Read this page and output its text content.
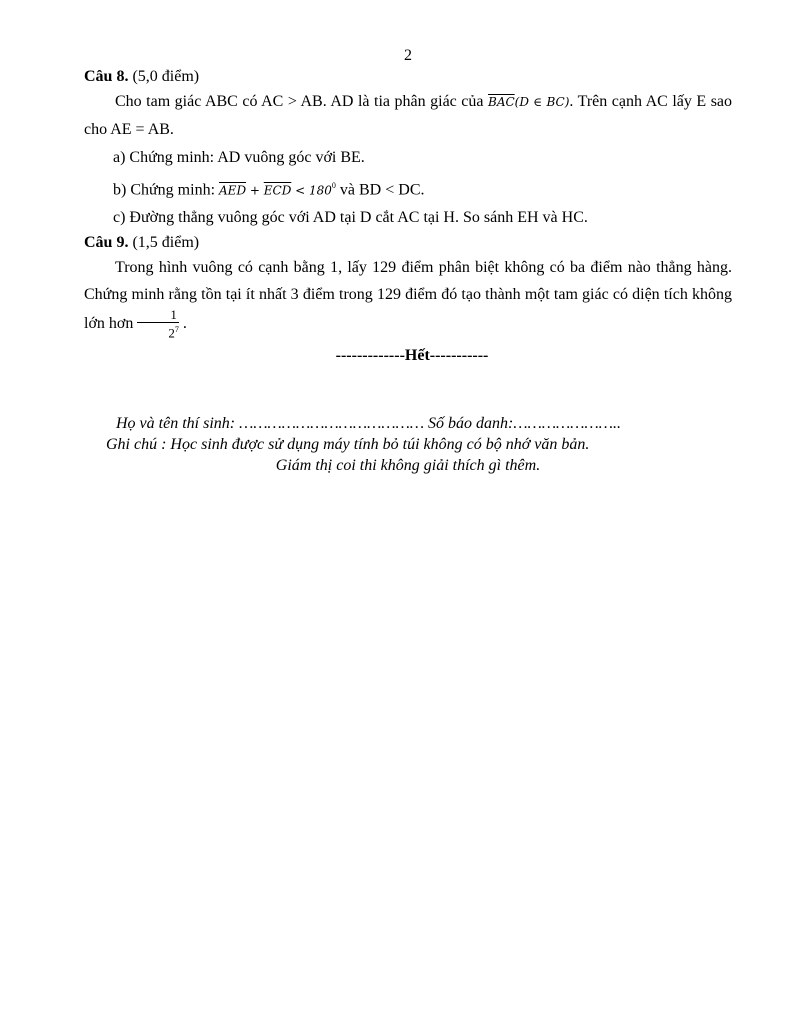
2

Câu 8. (5,0 điểm)

Cho tam giác ABC có AC > AB. AD là tia phân giác của $\overline{BAC}(D$ ∈ BC). Trên cạnh AC lấy E sao cho AE = AB.

a) Chứng minh: AD vuông góc với BE.

b) Chứng minh: $\overline{AED} + \overline{ECD} < 180^0$ và BD < DC.

c) Đường thẳng vuông góc với AD tại D cắt AC tại H. So sánh EH và HC.

Câu 9. (1,5 điểm)

Trong hình vuông có cạnh bằng 1, lấy 129 điểm phân biệt không có ba điểm nào thẳng hàng. Chứng minh rằng tồn tại ít nhất 3 điểm trong 129 điểm đó tạo thành một tam giác có diện tích không lớn hơn $\frac{1}{2^7}$ .

-------------Hết-----------
Họ và tên thí sinh: ………………………………… Số báo danh:…………………..
Ghi chú : Học sinh được sử dụng máy tính bỏ túi không có bộ nhớ văn bản.
Giám thị coi thi không giải thích gì thêm.
